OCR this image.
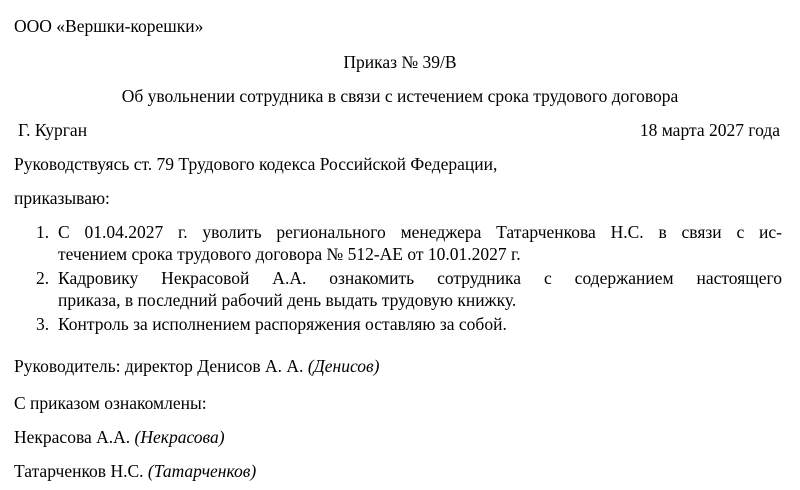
ООО «Вершки-корешки»
Приказ № 39/В
Об увольнении сотрудника в связи с истечением срока трудового договора
Г. Курган	18 марта 2027 года
Руководствуясь ст. 79 Трудового кодекса Российской Федерации,
приказываю:
1. С 01.04.2027 г. уволить регионального менеджера Татарченкова Н.С. в связи с ис-
течением срока трудового договора № 512-АЕ от 10.01.2027 г.
2. Кадровику Некрасовой А.А. ознакомить сотрудника с содержанием настоящего
приказа, в последний рабочий день выдать трудовую книжку.
3. Контроль за исполнением распоряжения оставляю за собой.
Руководитель: директор Денисов А. А. (Денисов)
С приказом ознакомлены:
Некрасова А.А. (Некрасова)
Татарченков Н.С. (Татарченков)
